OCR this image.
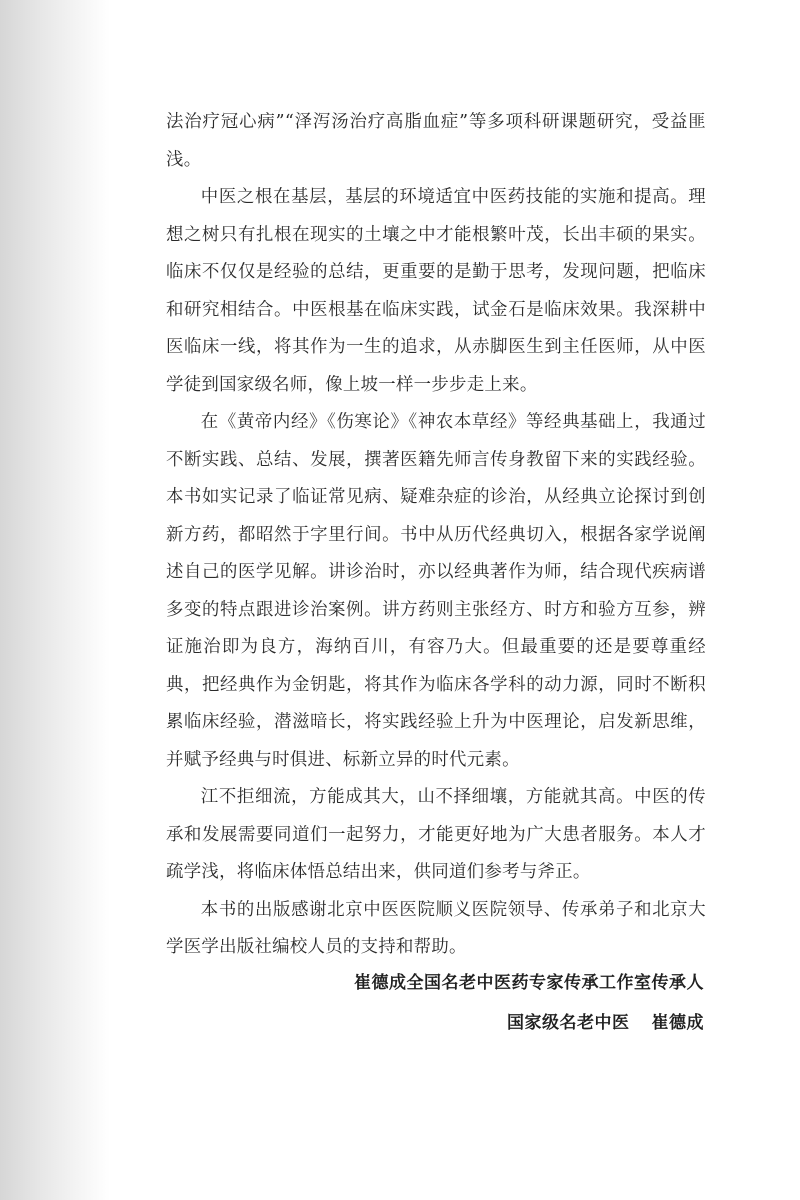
法治疗冠心病”“泽泻汤治疗高脂血症”等多项科研课题研究，受益匪浅。

中医之根在基层，基层的环境适宜中医药技能的实施和提高。理想之树只有扎根在现实的土壤之中才能根繁叶茂，长出丰硕的果实。临床不仅仅是经验的总结，更重要的是勤于思考，发现问题，把临床和研究相结合。中医根基在临床实践，试金石是临床效果。我深耕中医临床一线，将其作为一生的追求，从赤脚医生到主任医师，从中医学徒到国家级名师，像上坡一样一步步走上来。

在《黄帝内经》《伤寒论》《神农本草经》等经典基础上，我通过不断实践、总结、发展，撰著医籍先师言传身教留下来的实践经验。本书如实记录了临证常见病、疑难杂症的诊治，从经典立论探讨到创新方药，都昭然于字里行间。书中从历代经典切入，根据各家学说阐述自己的医学见解。讲诊治时，亦以经典著作为师，结合现代疾病谱多变的特点跟进诊治案例。讲方药则主张经方、时方和验方互参，辨证施治即为良方，海纳百川，有容乃大。但最重要的还是要尊重经典，把经典作为金钥匙，将其作为临床各学科的动力源，同时不断积累临床经验，潜滋暗长，将实践经验上升为中医理论，启发新思维，并赋予经典与时俱进、标新立异的时代元素。

江不拒细流，方能成其大，山不择细壤，方能就其高。中医的传承和发展需要同道们一起努力，才能更好地为广大患者服务。本人才疏学浅，将临床体悟总结出来，供同道们参考与斧正。

本书的出版感谢北京中医医院顺义医院领导、传承弟子和北京大学医学出版社编校人员的支持和帮助。

崔德成全国名老中医药专家传承工作室传承人
国家级名老中医 崔德成
